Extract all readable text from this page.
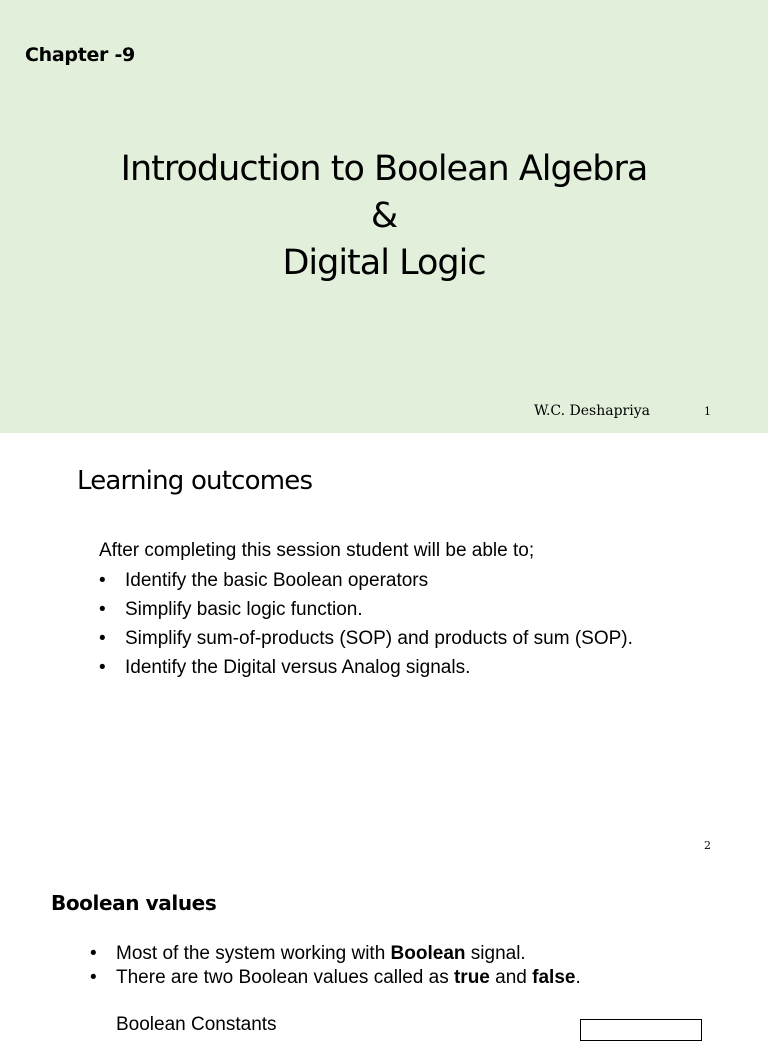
Chapter -9
Introduction to Boolean Algebra
&
Digital Logic
W.C. Deshapriya	1
Learning outcomes
After completing this session student will be able to;
• Identify the basic Boolean operators
• Simplify basic logic function.
• Simplify sum-of-products (SOP) and products of sum (SOP).
• Identify the Digital versus Analog signals.
2
Boolean values
• Most of the system working with Boolean signal.
• There are two Boolean values called as true and false.
Boolean Constants
